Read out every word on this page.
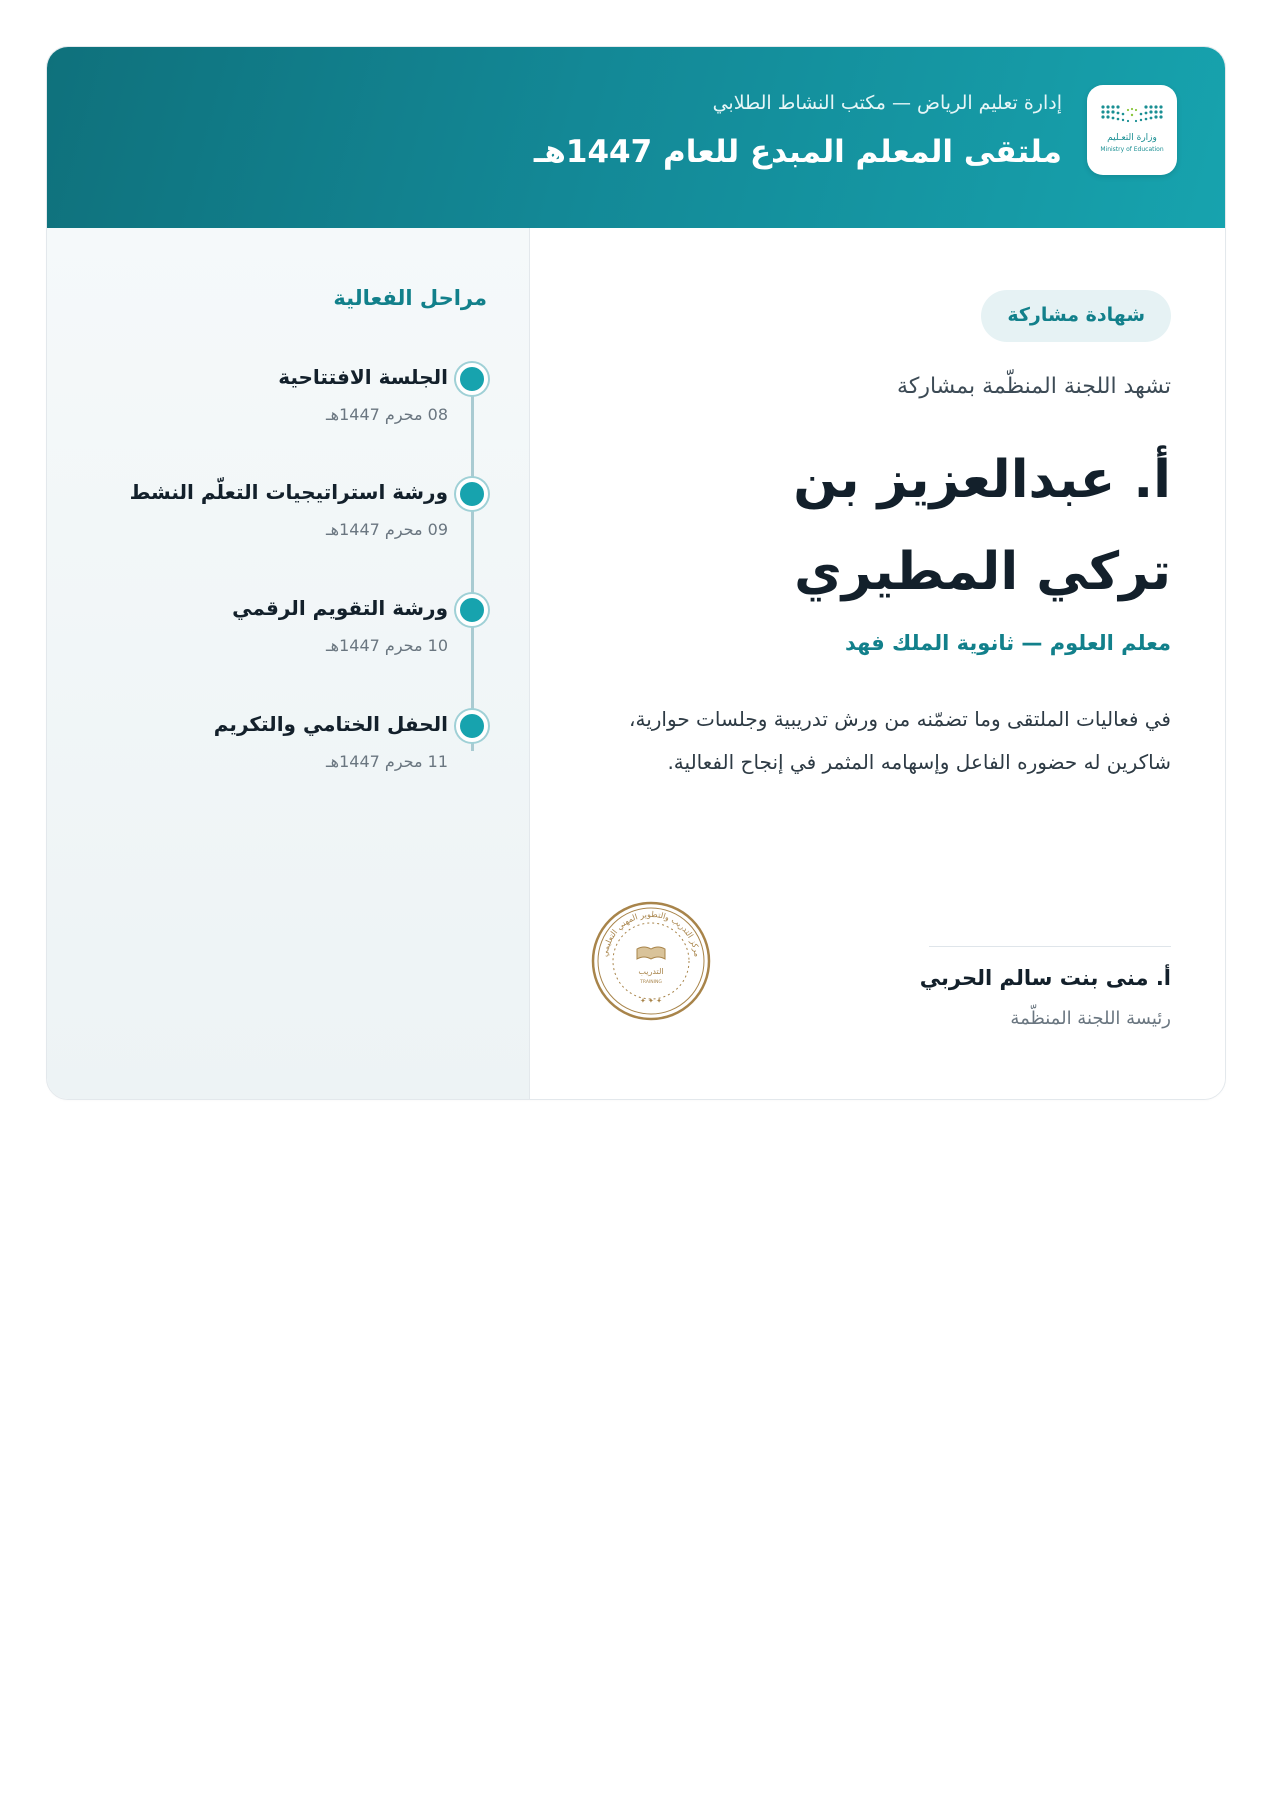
وزارة التعـليم
Ministry of Education
إدارة تعليم الرياض — مكتب النشاط الطلابي
ملتقى المعلم المبدع للعام 1447هـ
شهادة مشاركة
تشهد اللجنة المنظّمة بمشاركة
أ. عبدالعزيز بن تركي المطيري
معلم العلوم — ثانوية الملك فهد
في فعاليات الملتقى وما تضمّنه من ورش تدريبية وجلسات حوارية، شاكرين له حضوره الفاعل وإسهامه المثمر في إنجاح الفعالية.
أ. منى بنت سالم الحربي
رئيسة اللجنة المنظّمة
مركز التدريب والتطوير المهني التعليمي
التدريب
TRAINING
✦ ✦ ✦
مراحل الفعالية
الجلسة الافتتاحية
08 محرم 1447هـ
ورشة استراتيجيات التعلّم النشط
09 محرم 1447هـ
ورشة التقويم الرقمي
10 محرم 1447هـ
الحفل الختامي والتكريم
11 محرم 1447هـ
